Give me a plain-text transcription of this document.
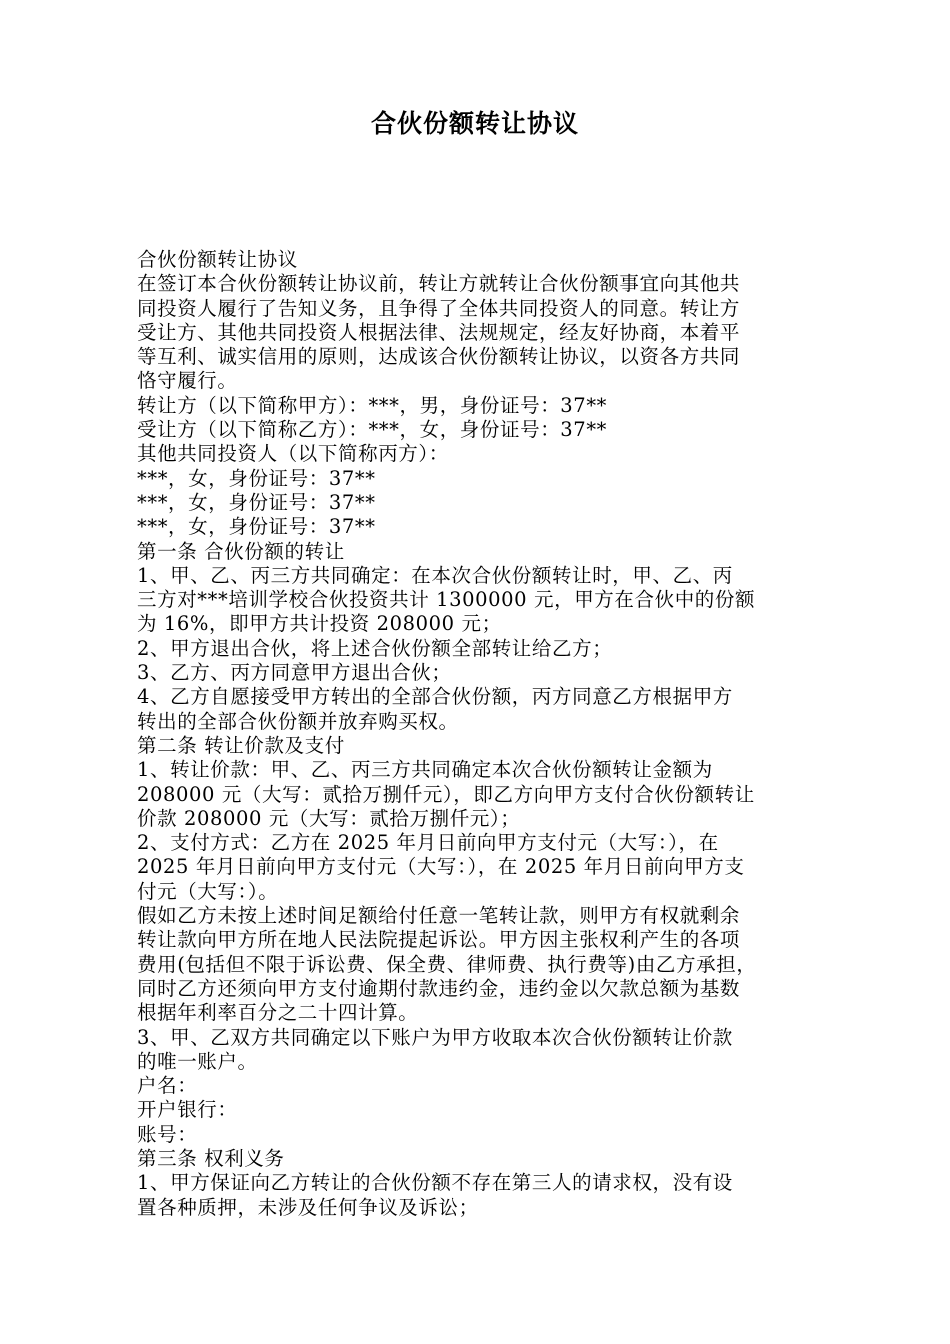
合伙份额转让协议
合伙份额转让协议
在签订本合伙份额转让协议前，转让方就转让合伙份额事宜向其他共
同投资人履行了告知义务，且争得了全体共同投资人的同意。转让方
受让方、其他共同投资人根据法律、法规规定，经友好协商，本着平
等互利、诚实信用的原则，达成该合伙份额转让协议，以资各方共同
恪守履行。
转让方（以下简称甲方）：***，男，身份证号：37**
受让方（以下简称乙方）：***，女，身份证号：37**
其他共同投资人（以下简称丙方）：
***，女，身份证号：37**
***，女，身份证号：37**
***，女，身份证号：37**
第一条 合伙份额的转让
1、甲、乙、丙三方共同确定：在本次合伙份额转让时，甲、乙、丙
三方对***培训学校合伙投资共计 1300000 元，甲方在合伙中的份额
为 16%，即甲方共计投资 208000 元；
2、甲方退出合伙，将上述合伙份额全部转让给乙方；
3、乙方、丙方同意甲方退出合伙；
4、乙方自愿接受甲方转出的全部合伙份额，丙方同意乙方根据甲方
转出的全部合伙份额并放弃购买权。
第二条 转让价款及支付
1、转让价款：甲、乙、丙三方共同确定本次合伙份额转让金额为
208000 元（大写：贰拾万捌仟元），即乙方向甲方支付合伙份额转让
价款 208000 元（大写：贰拾万捌仟元）；
2、支付方式：乙方在 2025 年月日前向甲方支付元（大写：），在
2025 年月日前向甲方支付元（大写：），在 2025 年月日前向甲方支
付元（大写：）。
假如乙方未按上述时间足额给付任意一笔转让款，则甲方有权就剩余
转让款向甲方所在地人民法院提起诉讼。甲方因主张权利产生的各项
费用(包括但不限于诉讼费、保全费、律师费、执行费等)由乙方承担，
同时乙方还须向甲方支付逾期付款违约金，违约金以欠款总额为基数
根据年利率百分之二十四计算。
3、甲、乙双方共同确定以下账户为甲方收取本次合伙份额转让价款
的唯一账户。
户名：
开户银行：
账号：
第三条 权利义务
1、甲方保证向乙方转让的合伙份额不存在第三人的请求权，没有设
置各种质押，未涉及任何争议及诉讼；
